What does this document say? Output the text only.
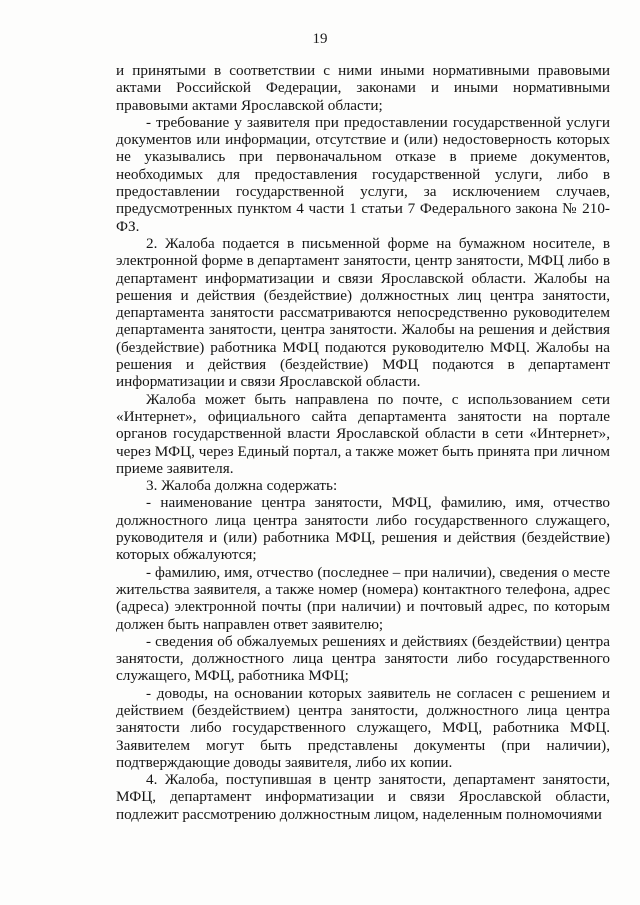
19

и принятыми в соответствии с ними иными нормативными правовыми актами Российской Федерации, законами и иными нормативными правовыми актами Ярославской области;

- требование у заявителя при предоставлении государственной услуги документов или информации, отсутствие и (или) недостоверность которых не указывались при первоначальном отказе в приеме документов, необходимых для предоставления государственной услуги, либо в предоставлении государственной услуги, за исключением случаев, предусмотренных пунктом 4 части 1 статьи 7 Федерального закона № 210-ФЗ.

2. Жалоба подается в письменной форме на бумажном носителе, в электронной форме в департамент занятости, центр занятости, МФЦ либо в департамент информатизации и связи Ярославской области. Жалобы на решения и действия (бездействие) должностных лиц центра занятости, департамента занятости рассматриваются непосредственно руководителем департамента занятости, центра занятости. Жалобы на решения и действия (бездействие) работника МФЦ подаются руководителю МФЦ. Жалобы на решения и действия (бездействие) МФЦ подаются в департамент информатизации и связи Ярославской области.

Жалоба может быть направлена по почте, с использованием сети «Интернет», официального сайта департамента занятости на портале органов государственной власти Ярославской области в сети «Интернет», через МФЦ, через Единый портал, а также может быть принята при личном приеме заявителя.

3. Жалоба должна содержать:

- наименование центра занятости, МФЦ, фамилию, имя, отчество должностного лица центра занятости либо государственного служащего, руководителя и (или) работника МФЦ, решения и действия (бездействие) которых обжалуются;

- фамилию, имя, отчество (последнее – при наличии), сведения о месте жительства заявителя, а также номер (номера) контактного телефона, адрес (адреса) электронной почты (при наличии) и почтовый адрес, по которым должен быть направлен ответ заявителю;

- сведения об обжалуемых решениях и действиях (бездействии) центра занятости, должностного лица центра занятости либо государственного служащего, МФЦ, работника МФЦ;

- доводы, на основании которых заявитель не согласен с решением и действием (бездействием) центра занятости, должностного лица центра занятости либо государственного служащего, МФЦ, работника МФЦ. Заявителем могут быть представлены документы (при наличии), подтверждающие доводы заявителя, либо их копии.

4. Жалоба, поступившая в центр занятости, департамент занятости, МФЦ, департамент информатизации и связи Ярославской области, подлежит рассмотрению должностным лицом, наделенным полномочиями
